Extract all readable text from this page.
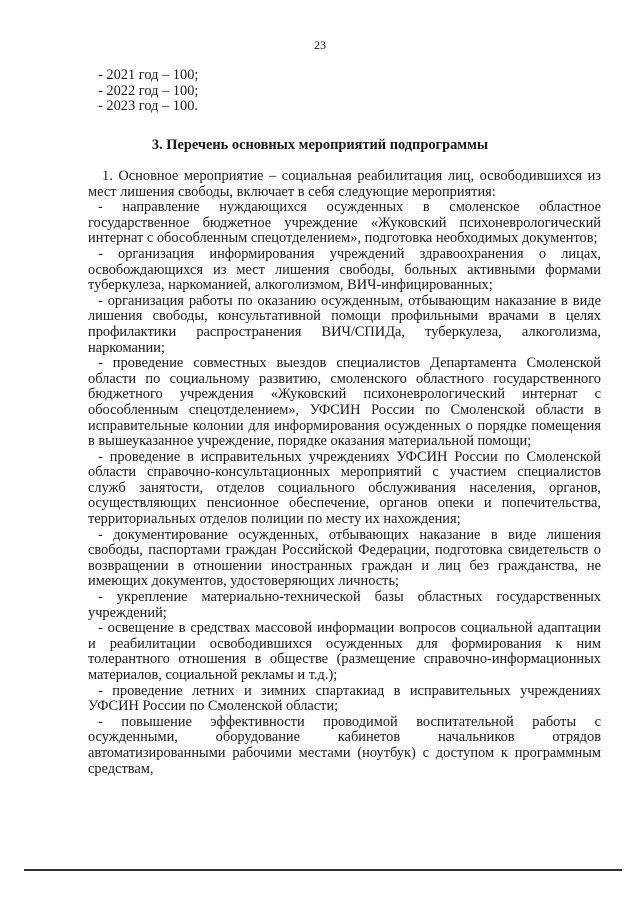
23
- 2021 год – 100;
- 2022 год – 100;
- 2023 год – 100.
3. Перечень основных мероприятий подпрограммы

1. Основное мероприятие – социальная реабилитация лиц, освободившихся из мест лишения свободы, включает в себя следующие мероприятия:

- направление нуждающихся осужденных в смоленское областное государственное бюджетное учреждение «Жуковский психоневрологический интернат с обособленным спецотделением», подготовка необходимых документов;

- организация информирования учреждений здравоохранения о лицах, освобождающихся из мест лишения свободы, больных активными формами туберкулеза, наркоманией, алкоголизмом, ВИЧ-инфицированных;

- организация работы по оказанию осужденным, отбывающим наказание в виде лишения свободы, консультативной помощи профильными врачами в целях профилактики распространения ВИЧ/СПИДа, туберкулеза, алкоголизма, наркомании;

- проведение совместных выездов специалистов Департамента Смоленской области по социальному развитию, смоленского областного государственного бюджетного учреждения «Жуковский психоневрологический интернат с обособленным спецотделением», УФСИН России по Смоленской области в исправительные колонии для информирования осужденных о порядке помещения в вышеуказанное учреждение, порядке оказания материальной помощи;

- проведение в исправительных учреждениях УФСИН России по Смоленской области справочно-консультационных мероприятий с участием специалистов служб занятости, отделов социального обслуживания населения, органов, осуществляющих пенсионное обеспечение, органов опеки и попечительства, территориальных отделов полиции по месту их нахождения;

- документирование осужденных, отбывающих наказание в виде лишения свободы, паспортами граждан Российской Федерации, подготовка свидетельств о возвращении в отношении иностранных граждан и лиц без гражданства, не имеющих документов, удостоверяющих личность;

- укрепление материально-технической базы областных государственных учреждений;

- освещение в средствах массовой информации вопросов социальной адаптации и реабилитации освободившихся осужденных для формирования к ним толерантного отношения в обществе (размещение справочно-информационных материалов, социальной рекламы и т.д.);

- проведение летних и зимних спартакиад в исправительных учреждениях УФСИН России по Смоленской области;

- повышение эффективности проводимой воспитательной работы с осужденными, оборудование кабинетов начальников отрядов автоматизированными рабочими местами (ноутбук) с доступом к программным средствам,
